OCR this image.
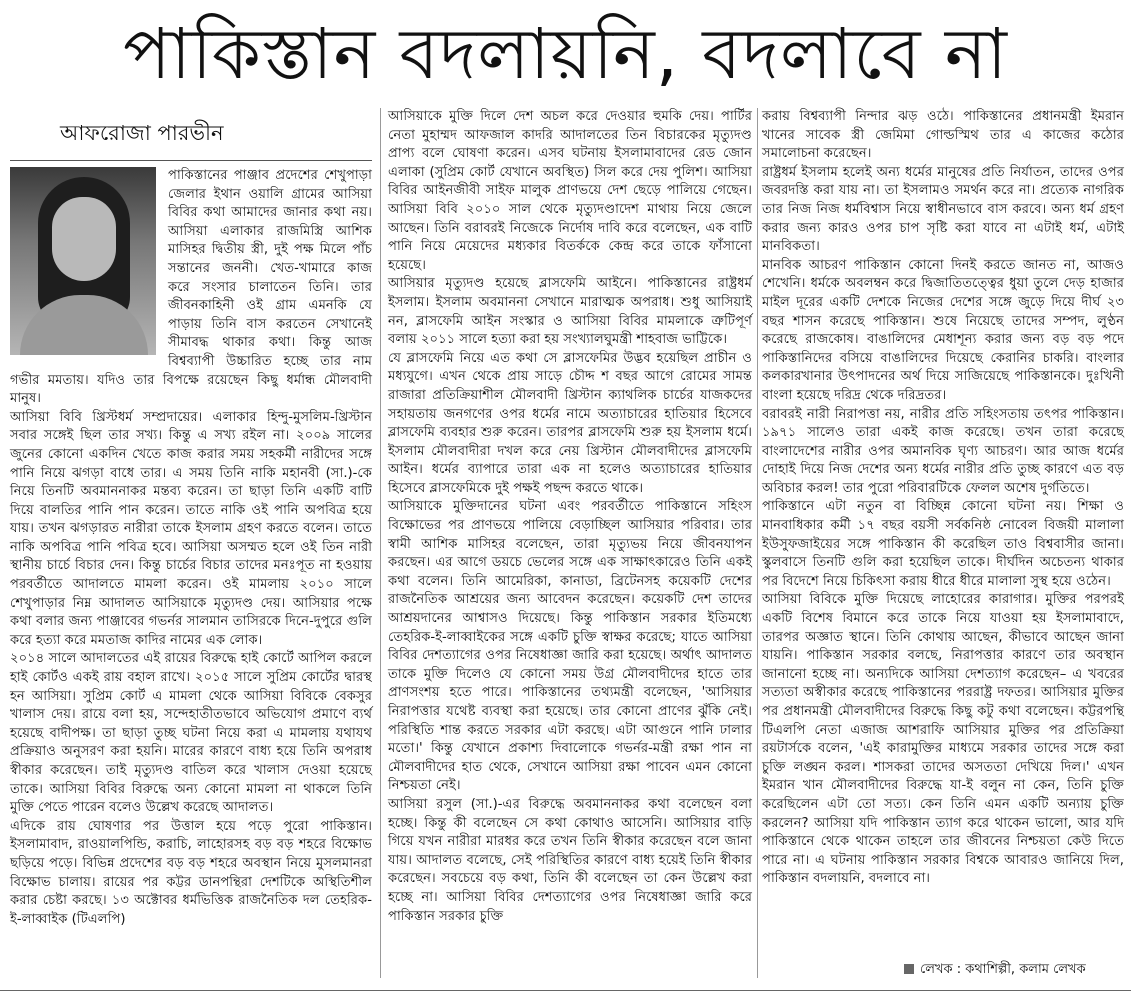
পাকিস্তান বদলায়নি, বদলাবে না
আফরোজা পারভীন

পাকিস্তানের পাঞ্জাব প্রদেশের শেখুপাড়া জেলার ইথান ওয়ালি গ্রামের আসিয়া বিবির কথা আমাদের জানার কথা নয়। আসিয়া এলাকার রাজমিস্ত্রি আশিক মাসিহর দ্বিতীয় স্ত্রী, দুই পক্ষ মিলে পাঁচ সন্তানের জননী। খেত-খামারে কাজ করে সংসার চালাতেন তিনি। তার জীবনকাহিনী ওই গ্রাম এমনকি যে পাড়ায় তিনি বাস করতেন সেখানেই সীমাবদ্ধ থাকার কথা। কিন্তু আজ বিশ্বব্যাপী উচ্চারিত হচ্ছে তার নাম গভীর মমতায়। যদিও তার বিপক্ষে রয়েছেন কিছু ধর্মান্ধ মৌলবাদী মানুষ।

আসিয়া বিবি খ্রিস্টধর্ম সম্প্রদায়ের। এলাকার হিন্দু-মুসলিম-খ্রিস্টান সবার সঙ্গেই ছিল তার সখ্য। কিন্তু এ সখ্য রইল না। ২০০৯ সালের জুনের কোনো একদিন খেতে কাজ করার সময় সহকর্মী নারীদের সঙ্গে পানি নিয়ে ঝগড়া বাধে তার। এ সময় তিনি নাকি মহানবী (সা.)-কে নিয়ে তিনটি অবমাননাকর মন্তব্য করেন। তা ছাড়া তিনি একটি বাটি দিয়ে বালতির পানি পান করেন। তাতে নাকি ওই পানি অপবিত্র হয়ে যায়। তখন ঝগড়ারত নারীরা তাকে ইসলাম গ্রহণ করতে বলেন। তাতে নাকি অপবিত্র পানি পবিত্র হবে। আসিয়া অসম্মত হলে ওই তিন নারী স্থানীয় চার্চে বিচার দেন। কিন্তু চার্চের বিচার তাদের মনঃপূত না হওয়ায় পরবর্তীতে আদালতে মামলা করেন। ওই মামলায় ২০১০ সালে শেখুপাড়ার নিম্ন আদালত আসিয়াকে মৃত্যুদণ্ড দেয়। আসিয়ার পক্ষে কথা বলার জন্য পাঞ্জাবের গভর্নর সালমান তাসিরকে দিনে-দুপুরে গুলি করে হত্যা করে মমতাজ কাদির নামের এক লোক।

২০১৪ সালে আদালতের এই রায়ের বিরুদ্ধে হাই কোর্টে আপিল করলে হাই কোর্টও একই রায় বহাল রাখে। ২০১৫ সালে সুপ্রিম কোর্টের দ্বারস্থ হন আসিয়া। সুপ্রিম কোর্ট এ মামলা থেকে আসিয়া বিবিকে বেকসুর খালাস দেয়। রায়ে বলা হয়, সন্দেহাতীতভাবে অভিযোগ প্রমাণে ব্যর্থ হয়েছে বাদীপক্ষ। তা ছাড়া তুচ্ছ ঘটনা নিয়ে করা এ মামলায় যথাযথ প্রক্রিয়াও অনুসরণ করা হয়নি। মারের কারণে বাধ্য হয়ে তিনি অপরাধ স্বীকার করেছেন। তাই মৃত্যুদণ্ড বাতিল করে খালাস দেওয়া হয়েছে তাকে। আসিয়া বিবির বিরুদ্ধে অন্য কোনো মামলা না থাকলে তিনি মুক্তি পেতে পারেন বলেও উল্লেখ করেছে আদালত।

এদিকে রায় ঘোষণার পর উত্তাল হয়ে পড়ে পুরো পাকিস্তান। ইসলামাবাদ, রাওয়ালপিন্ডি, করাচি, লাহোরসহ বড় বড় শহরে বিক্ষোভ ছড়িয়ে পড়ে। বিভিন্ন প্রদেশের বড় বড় শহরে অবস্থান নিয়ে মুসলমানরা বিক্ষোভ চালায়। রায়ের পর কট্টর ডানপন্থিরা দেশটিকে অস্থিতিশীল করার চেষ্টা করছে। ১৩ অক্টোবর ধর্মভিত্তিক রাজনৈতিক দল তেহরিক-ই-লাব্বাইক (টিএলপি)

আসিয়াকে মুক্তি দিলে দেশ অচল করে দেওয়ার হুমকি দেয়। পার্টির নেতা মুহাম্মদ আফজাল কাদরি আদালতের তিন বিচারকের মৃত্যুদণ্ড প্রাপ্য বলে ঘোষণা করেন। এসব ঘটনায় ইসলামাবাদের রেড জোন এলাকা (সুপ্রিম কোর্ট যেখানে অবস্থিত) সিল করে দেয় পুলিশ। আসিয়া বিবির আইনজীবী সাইফ মালুক প্রাণভয়ে দেশ ছেড়ে পালিয়ে গেছেন। আসিয়া বিবি ২০১০ সাল থেকে মৃত্যুদণ্ডাদেশ মাথায় নিয়ে জেলে আছেন। তিনি বরাবরই নিজেকে নির্দোষ দাবি করে বলেছেন, এক বাটি পানি নিয়ে মেয়েদের মধ্যকার বিতর্ককে কেন্দ্র করে তাকে ফাঁসানো হয়েছে।

আসিয়ার মৃত্যুদণ্ড হয়েছে ব্লাসফেমি আইনে। পাকিস্তানের রাষ্ট্রধর্ম ইসলাম। ইসলাম অবমাননা সেখানে মারাত্মক অপরাধ। শুধু আসিয়াই নন, ব্লাসফেমি আইন সংস্কার ও আসিয়া বিবির মামলাকে ত্রুটিপূর্ণ বলায় ২০১১ সালে হত্যা করা হয় সংখ্যালঘুমন্ত্রী শাহবাজ ভাট্টিকে।

যে ব্লাসফেমি নিয়ে এত কথা সে ব্লাসফেমির উদ্ভব হয়েছিল প্রাচীন ও মধ্যযুগে। এখন থেকে প্রায় সাড়ে চৌদ্দ শ বছর আগে রোমের সামন্ত রাজারা প্রতিক্রিয়াশীল মৌলবাদী খ্রিস্টান ক্যাথলিক চার্চের যাজকদের সহায়তায় জনগণের ওপর ধর্মের নামে অত্যাচারের হাতিয়ার হিসেবে ব্লাসফেমি ব্যবহার শুরু করেন। তারপর ব্লাসফেমি শুরু হয় ইসলাম ধর্মে। ইসলাম মৌলবাদীরা দখল করে নেয় খ্রিস্টান মৌলবাদীদের ব্লাসফেমি আইন। ধর্মের ব্যাপারে তারা এক না হলেও অত্যাচারের হাতিয়ার হিসেবে ব্লাসফেমিকে দুই পক্ষই পছন্দ করতে থাকে।

আসিয়াকে মুক্তিদানের ঘটনা এবং পরবর্তীতে পাকিস্তানে সহিংস বিক্ষোভের পর প্রাণভয়ে পালিয়ে বেড়াচ্ছিল আসিয়ার পরিবার। তার স্বামী আশিক মাসিহর বলেছেন, তারা মৃত্যুভয় নিয়ে জীবনযাপন করছেন। এর আগে ডয়চে ভেলের সঙ্গে এক সাক্ষাৎকারেও তিনি একই কথা বলেন। তিনি আমেরিকা, কানাডা, ব্রিটেনসহ কয়েকটি দেশের রাজনৈতিক আশ্রয়ের জন্য আবেদন করেছেন। কয়েকটি দেশ তাদের আশ্রয়দানের আশ্বাসও দিয়েছে। কিন্তু পাকিস্তান সরকার ইতিমধ্যে তেহরিক-ই-লাব্বাইকের সঙ্গে একটি চুক্তি স্বাক্ষর করেছে; যাতে আসিয়া বিবির দেশত্যাগের ওপর নিষেধাজ্ঞা জারি করা হয়েছে। অর্থাৎ আদালত তাকে মুক্তি দিলেও যে কোনো সময় উগ্র মৌলবাদীদের হাতে তার প্রাণসংশয় হতে পারে। পাকিস্তানের তথ্যমন্ত্রী বলেছেন, 'আসিয়ার নিরাপত্তার যথেষ্ট ব্যবস্থা করা হয়েছে। তার কোনো প্রাণের ঝুঁকি নেই। পরিস্থিতি শান্ত করতে সরকার এটা করছে। এটা আগুনে পানি ঢালার মতো।' কিন্তু যেখানে প্রকাশ্য দিবালোকে গভর্নর-মন্ত্রী রক্ষা পান না মৌলবাদীদের হাত থেকে, সেখানে আসিয়া রক্ষা পাবেন এমন কোনো নিশ্চয়তা নেই।

আসিয়া রসুল (সা.)-এর বিরুদ্ধে অবমাননাকর কথা বলেছেন বলা হচ্ছে। কিন্তু কী বলেছেন সে কথা কোথাও আসেনি। আসিয়ার বাড়ি গিয়ে যখন নারীরা মারধর করে তখন তিনি স্বীকার করেছেন বলে জানা যায়। আদালত বলেছে, সেই পরিস্থিতির কারণে বাধ্য হয়েই তিনি স্বীকার করেছেন। সবচেয়ে বড় কথা, তিনি কী বলেছেন তা কেন উল্লেখ করা হচ্ছে না। আসিয়া বিবির দেশত্যাগের ওপর নিষেধাজ্ঞা জারি করে পাকিস্তান সরকার চুক্তি

করায় বিশ্বব্যাপী নিন্দার ঝড় ওঠে। পাকিস্তানের প্রধানমন্ত্রী ইমরান খানের সাবেক স্ত্রী জেমিমা গোল্ডস্মিথ তার এ কাজের কঠোর সমালোচনা করেছেন।

রাষ্ট্রধর্ম ইসলাম হলেই অন্য ধর্মের মানুষের প্রতি নির্যাতন, তাদের ওপর জবরদস্তি করা যায় না। তা ইসলামও সমর্থন করে না। প্রত্যেক নাগরিক তার নিজ নিজ ধর্মবিশ্বাস নিয়ে স্বাধীনভাবে বাস করবে। অন্য ধর্ম গ্রহণ করার জন্য কারও ওপর চাপ সৃষ্টি করা যাবে না এটাই ধর্ম, এটাই মানবিকতা।

মানবিক আচরণ পাকিস্তান কোনো দিনই করতে জানত না, আজও শেখেনি। ধর্মকে অবলম্বন করে দ্বিজাতিতত্ত্বের ধুয়া তুলে দেড় হাজার মাইল দূরের একটি দেশকে নিজের দেশের সঙ্গে জুড়ে দিয়ে দীর্ঘ ২৩ বছর শাসন করেছে পাকিস্তান। শুষে নিয়েছে তাদের সম্পদ, লুণ্ঠন করেছে রাজকোষ। বাঙালিদের মেধাশূন্য করার জন্য বড় বড় পদে পাকিস্তানিদের বসিয়ে বাঙালিদের দিয়েছে কেরানির চাকরি। বাংলার কলকারখানার উৎপাদনের অর্থ দিয়ে সাজিয়েছে পাকিস্তানকে। দুঃখিনী বাংলা হয়েছে দরিদ্র থেকে দরিদ্রতর।

বরাবরই নারী নিরাপত্তা নয়, নারীর প্রতি সহিংসতায় তৎপর পাকিস্তান। ১৯৭১ সালেও তারা একই কাজ করেছে। তখন তারা করেছে বাংলাদেশের নারীর ওপর অমানবিক ঘৃণ্য আচরণ। আর আজ ধর্মের দোহাই দিয়ে নিজ দেশের অন্য ধর্মের নারীর প্রতি তুচ্ছ কারণে এত বড় অবিচার করল! তার পুরো পরিবারটিকে ফেলল অশেষ দুর্গতিতে।

পাকিস্তানে এটা নতুন বা বিচ্ছিন্ন কোনো ঘটনা নয়। শিক্ষা ও মানবাধিকার কর্মী ১৭ বছর বয়সী সর্বকনিষ্ঠ নোবেল বিজয়ী মালালা ইউসুফজাইয়ের সঙ্গে পাকিস্তান কী করেছিল তাও বিশ্ববাসীর জানা। স্কুলবাসে তিনটি গুলি করা হয়েছিল তাকে। দীর্ঘদিন অচেতন্য থাকার পর বিদেশে নিয়ে চিকিৎসা করায় ধীরে ধীরে মালালা সুস্থ হয়ে ওঠেন।

আসিয়া বিবিকে মুক্তি দিয়েছে লাহোরের কারাগার। মুক্তির পরপরই একটি বিশেষ বিমানে করে তাকে নিয়ে যাওয়া হয় ইসলামাবাদে, তারপর অজ্ঞাত স্থানে। তিনি কোথায় আছেন, কীভাবে আছেন জানা যায়নি। পাকিস্তান সরকার বলছে, নিরাপত্তার কারণে তার অবস্থান জানানো হচ্ছে না। অন্যদিকে আসিয়া দেশত্যাগ করেছেন– এ খবরের সত্যতা অস্বীকার করেছে পাকিস্তানের পররাষ্ট্র দফতর। আসিয়ার মুক্তির পর প্রধানমন্ত্রী মৌলবাদীদের বিরুদ্ধে কিছু কটু কথা বলেছেন। কট্টরপন্থি টিএলপি নেতা এজাজ আশরাফি আসিয়ার মুক্তির পর প্রতিক্রিয়া রয়টার্সকে বলেন, 'এই কারামুক্তির মাধ্যমে সরকার তাদের সঙ্গে করা চুক্তি লঙ্ঘন করল। শাসকরা তাদের অসততা দেখিয়ে দিল।' এখন ইমরান খান মৌলবাদীদের বিরুদ্ধে যা-ই বলুন না কেন, তিনি চুক্তি করেছিলেন এটা তো সত্য। কেন তিনি এমন একটি অন্যায় চুক্তি করলেন? আসিয়া যদি পাকিস্তান ত্যাগ করে থাকেন ভালো, আর যদি পাকিস্তানে থেকে থাকেন তাহলে তার জীবনের নিশ্চয়তা কেউ দিতে পারে না। এ ঘটনায় পাকিস্তান সরকার বিশ্বকে আবারও জানিয়ে দিল, পাকিস্তান বদলায়নি, বদলাবে না।

লেখক : কথাশিল্পী, কলাম লেখক
